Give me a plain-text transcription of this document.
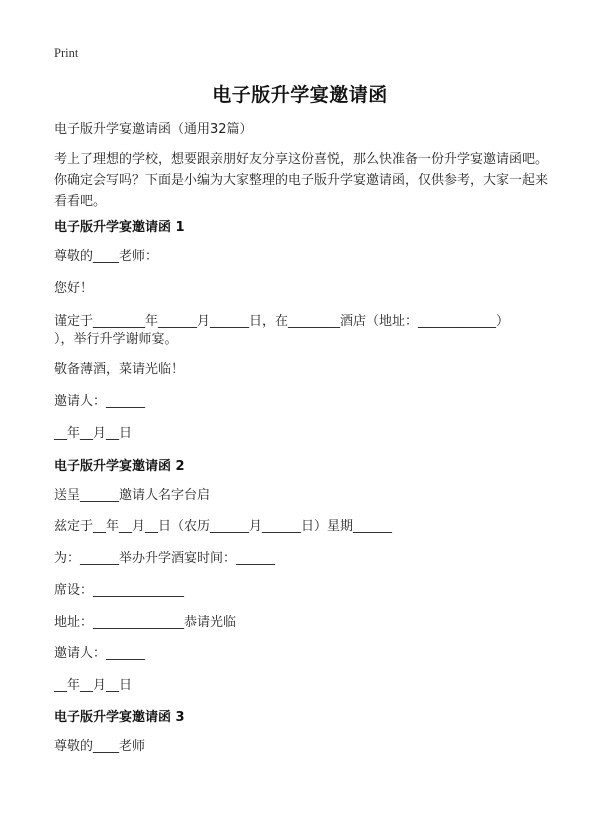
Print
电子版升学宴邀请函
电子版升学宴邀请函（通用32篇）
考上了理想的学校，想要跟亲朋好友分享这份喜悦，那么快准备一份升学宴邀请函吧。你确定会写吗？下面是小编为大家整理的电子版升学宴邀请函，仅供参考，大家一起来看看吧。
电子版升学宴邀请函 1
尊敬的____老师：
您好！
谨定于________年______月______日，在________酒店（地址：____________）
），举行升学谢师宴。
敬备薄酒，菜请光临！
邀请人：______
__年__月__日
电子版升学宴邀请函 2
送呈______邀请人名字台启
兹定于__年__月__日（农历______月______日）星期______
为：______举办升学酒宴时间：______
席设：______________
地址：______________恭请光临
邀请人：______
__年__月__日
电子版升学宴邀请函 3
尊敬的____老师
